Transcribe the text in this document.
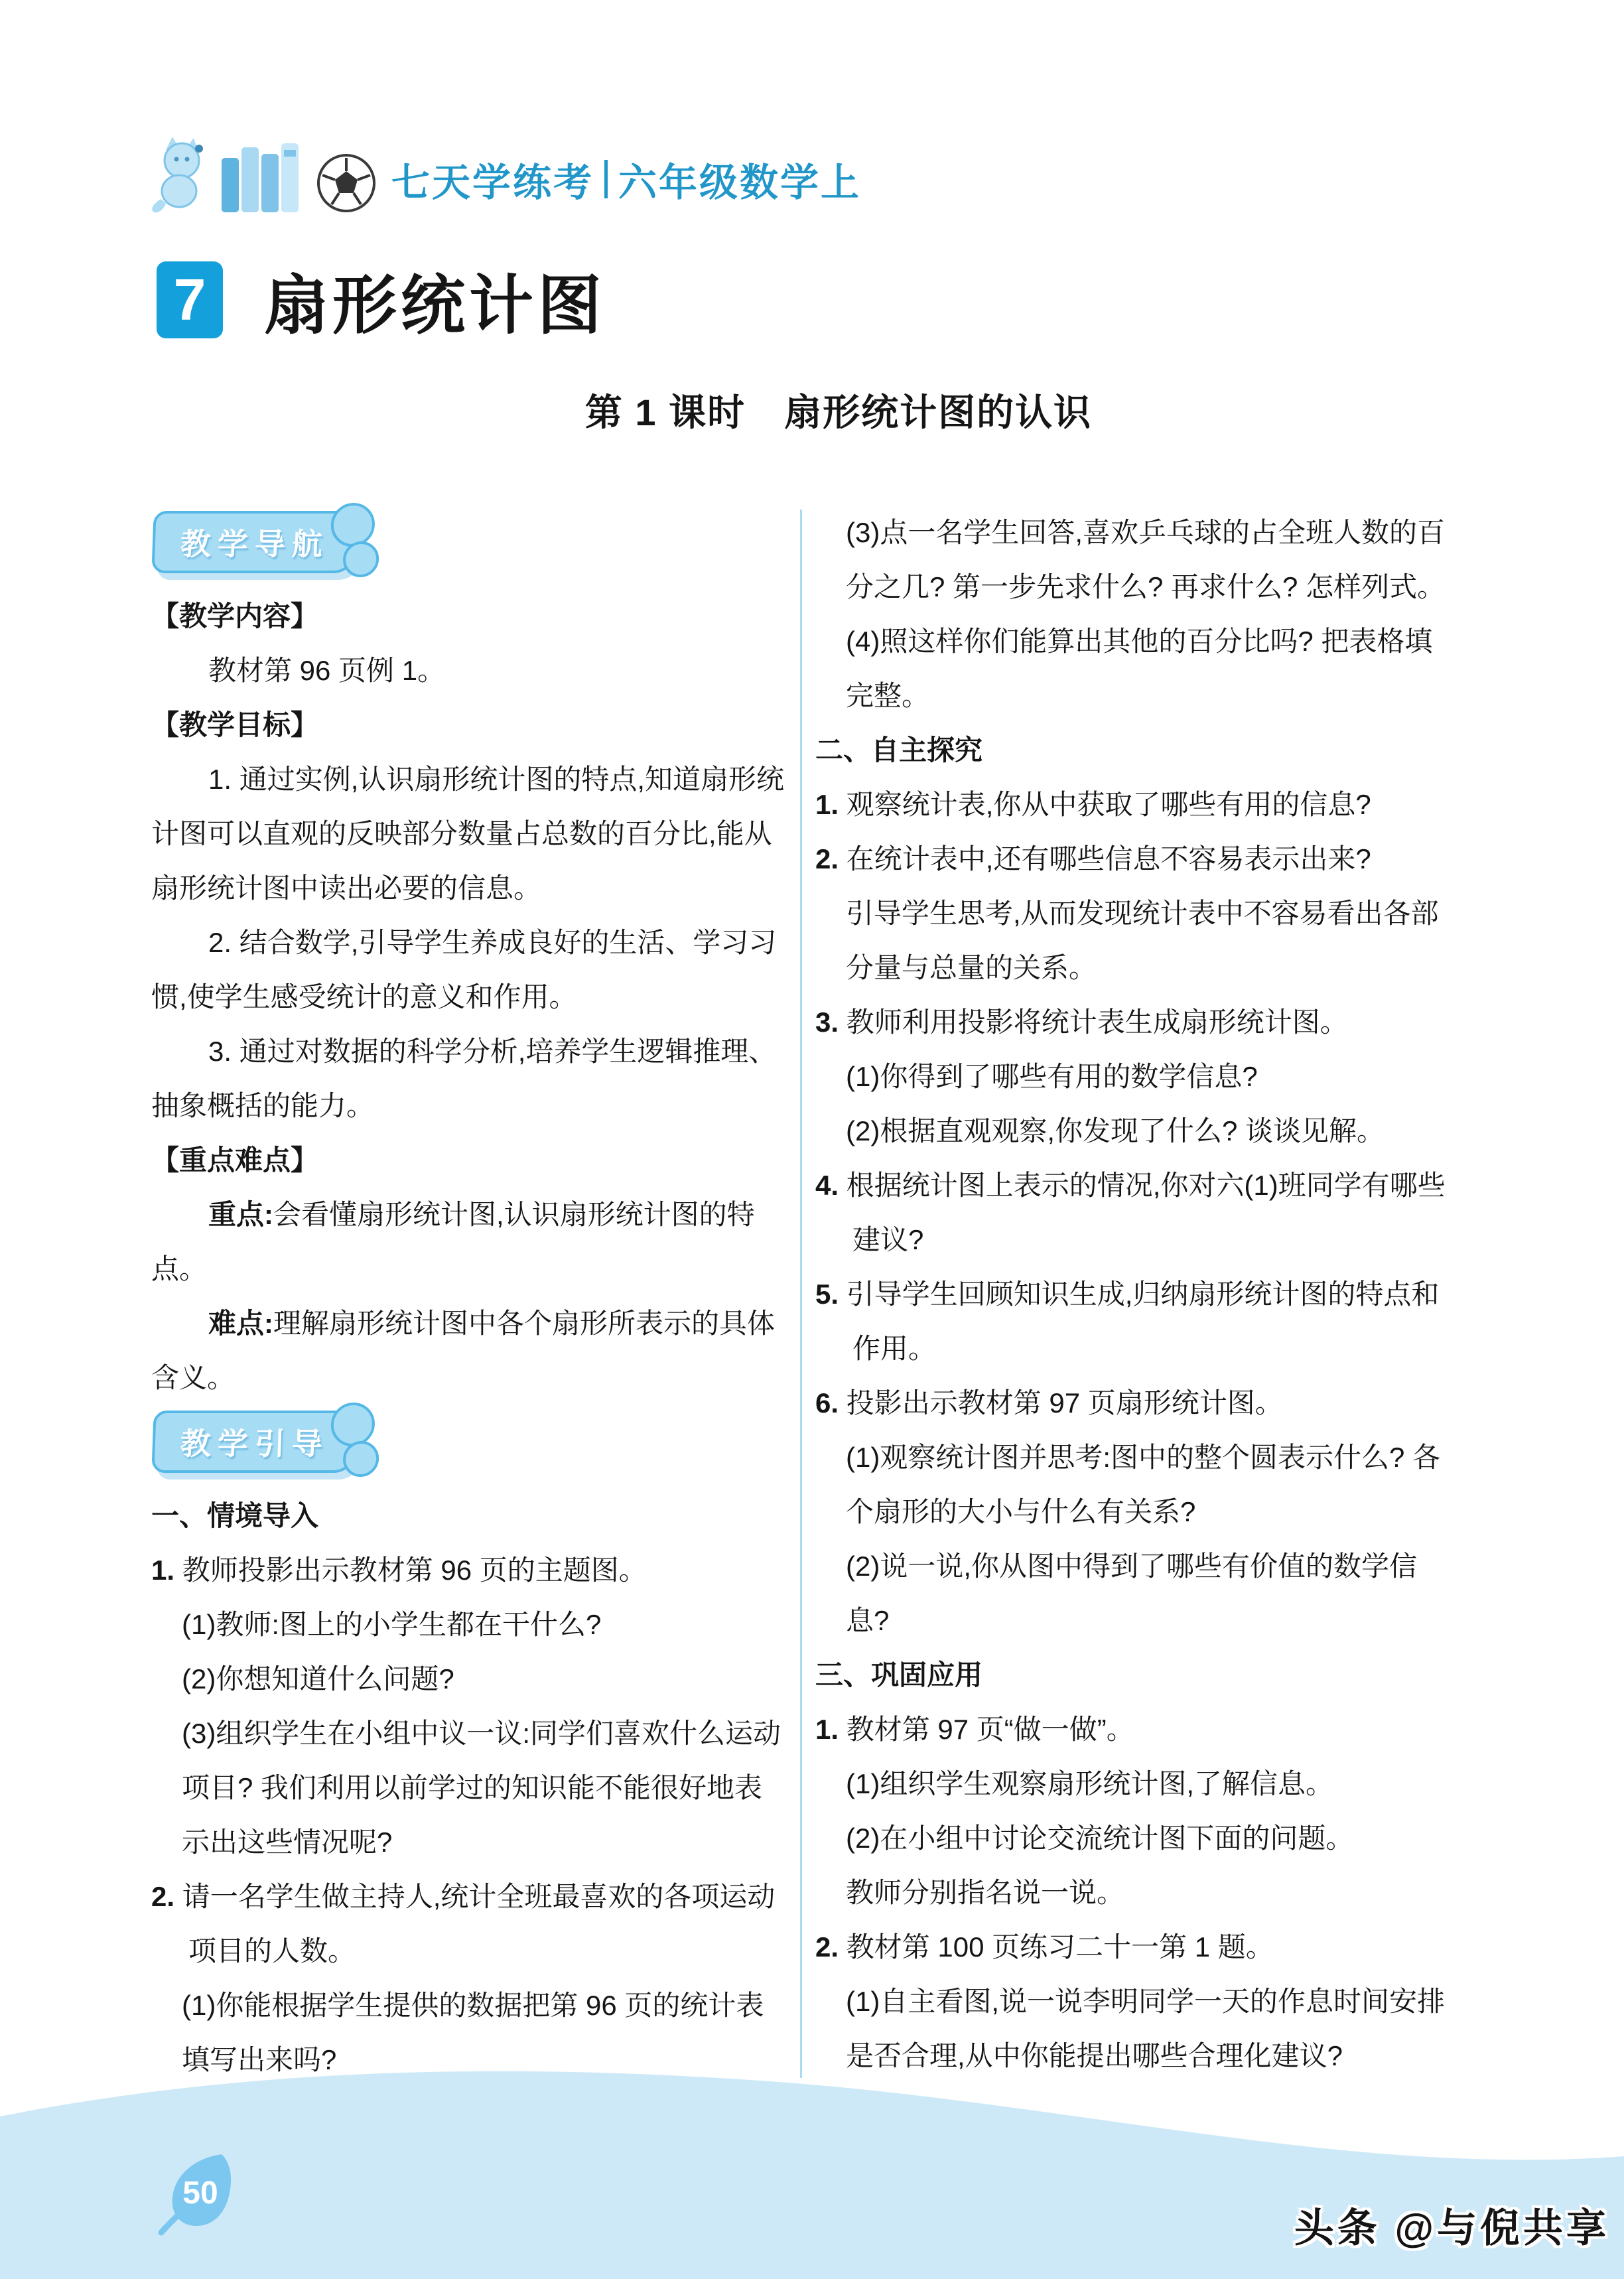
七天学练考 六年级数学上
7 扇形统计图
第 1 课时　扇形统计图的认识
教学导航

【教学内容】

教材第 96 页例 1。

【教学目标】

1. 通过实例,认识扇形统计图的特点,知道扇形统计图可以直观的反映部分数量占总数的百分比,能从扇形统计图中读出必要的信息。

2. 结合数学,引导学生养成良好的生活、学习习惯,使学生感受统计的意义和作用。

3. 通过对数据的科学分析,培养学生逻辑推理、抽象概括的能力。

【重点难点】

重点:会看懂扇形统计图,认识扇形统计图的特点。

难点:理解扇形统计图中各个扇形所表示的具体含义。

教学引导

一、情境导入

1. 教师投影出示教材第 96 页的主题图。

(1)教师:图上的小学生都在干什么?

(2)你想知道什么问题?

(3)组织学生在小组中议一议:同学们喜欢什么运动项目? 我们利用以前学过的知识能不能很好地表示出这些情况呢?

2. 请一名学生做主持人,统计全班最喜欢的各项运动项目的人数。

(1)你能根据学生提供的数据把第 96 页的统计表填写出来吗?

(3)点一名学生回答,喜欢乒乓球的占全班人数的百分之几? 第一步先求什么? 再求什么? 怎样列式。

(4)照这样你们能算出其他的百分比吗? 把表格填完整。

二、自主探究

1. 观察统计表,你从中获取了哪些有用的信息?

2. 在统计表中,还有哪些信息不容易表示出来?

引导学生思考,从而发现统计表中不容易看出各部分量与总量的关系。

3. 教师利用投影将统计表生成扇形统计图。

(1)你得到了哪些有用的数学信息?

(2)根据直观观察,你发现了什么? 谈谈见解。

4. 根据统计图上表示的情况,你对六(1)班同学有哪些建议?

5. 引导学生回顾知识生成,归纳扇形统计图的特点和作用。

6. 投影出示教材第 97 页扇形统计图。

(1)观察统计图并思考:图中的整个圆表示什么? 各个扇形的大小与什么有关系?

(2)说一说,你从图中得到了哪些有价值的数学信息?

三、巩固应用

1. 教材第 97 页“做一做”。

(1)组织学生观察扇形统计图,了解信息。

(2)在小组中讨论交流统计图下面的问题。

教师分别指名说一说。

2. 教材第 100 页练习二十一第 1 题。

(1)自主看图,说一说李明同学一天的作息时间安排是否合理,从中你能提出哪些合理化建议?

50
头条 @与倪共享
